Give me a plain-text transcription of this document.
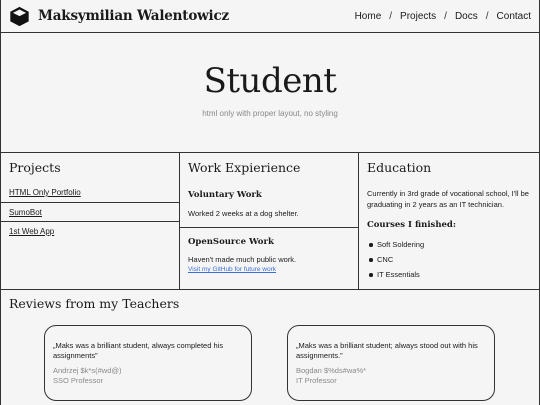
Maksymilian Walentowicz	Home / Projects / Docs / Contact
Student
html only with proper layout, no styling
Projects
HTML Only Portfolio
SumoBot
1st Web App
Work Expierience
Voluntary Work
Worked 2 weeks at a dog shelter.
OpenSource Work
Haven't made much public work.
Visit my GitHub for future work
Education
Currently in 3rd grade of vocational school, I'll be graduating in 2 years as an IT technician.
Courses I finished:
Soft Soldering
CNC
IT Essentials
Reviews from my Teachers
„Maks was a brilliant student, always completed his assignments”
Andrzej $k*s(#wd@)
SSO Professor
„Maks was a brilliant student; always stood out with his assignments.”
Bogdan $%ds#wa%*
IT Professor
